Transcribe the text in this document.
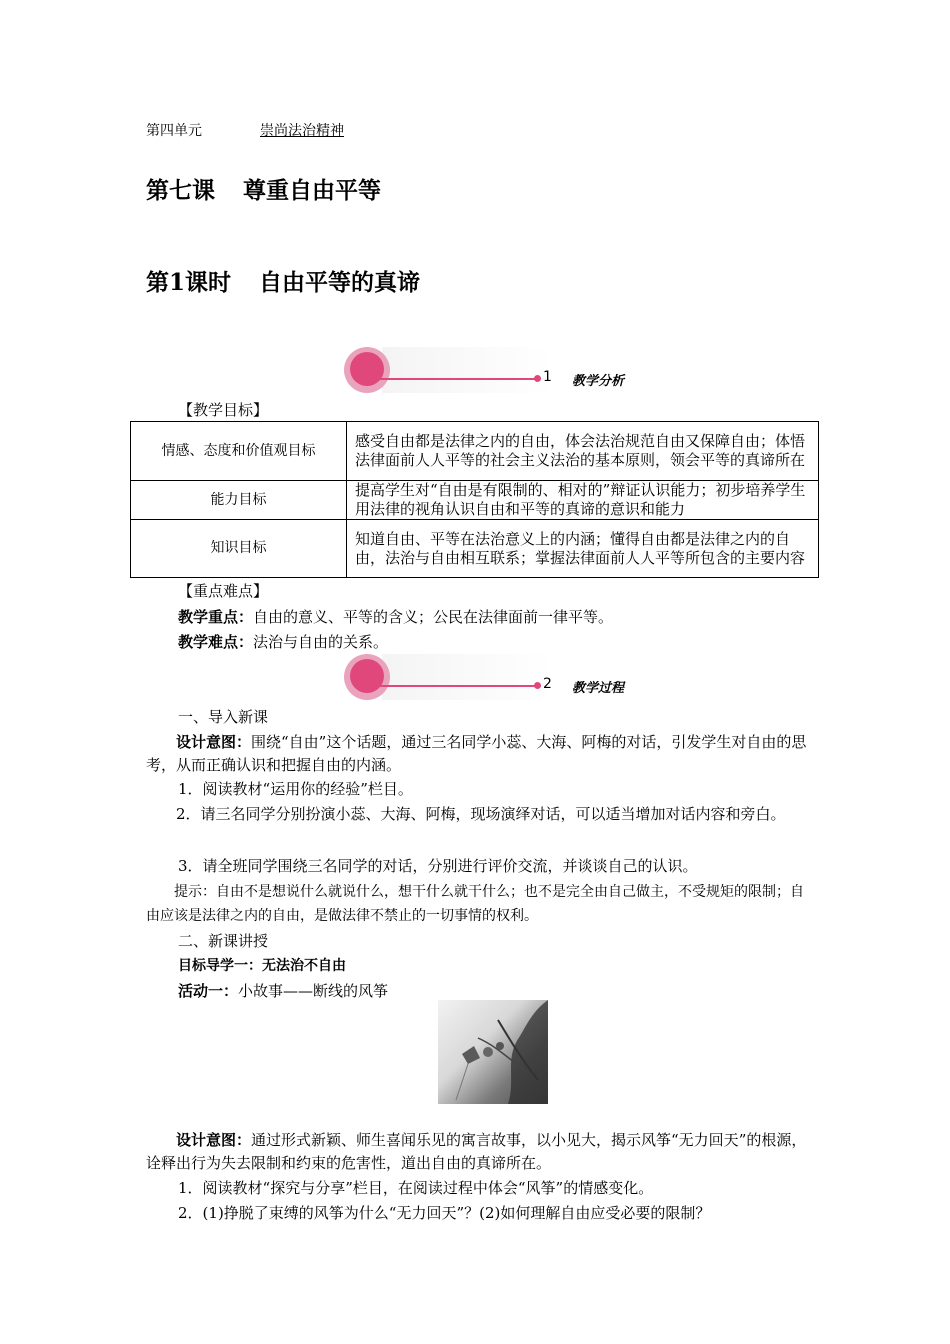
第四单元	崇尚法治精神
第七课 尊重自由平等
第1课时 自由平等的真谛
1 教学分析
【教学目标】
情感、态度和价值观目标	感受自由都是法律之内的自由，体会法治规范自由又保障自由；体悟法律面前人人平等的社会主义法治的基本原则，领会平等的真谛所在
能力目标	提高学生对“自由是有限制的、相对的”辩证认识能力；初步培养学生用法律的视角认识自由和平等的真谛的意识和能力
知识目标	知道自由、平等在法治意义上的内涵；懂得自由都是法律之内的自由，法治与自由相互联系；掌握法律面前人人平等所包含的主要内容
【重点难点】
教学重点：自由的意义、平等的含义；公民在法律面前一律平等。
教学难点：法治与自由的关系。
2 教学过程
一、导入新课
设计意图：围绕“自由”这个话题，通过三名同学小蕊、大海、阿梅的对话，引发学生对自由的思考，从而正确认识和把握自由的内涵。
1．阅读教材“运用你的经验”栏目。
2．请三名同学分别扮演小蕊、大海、阿梅，现场演绎对话，可以适当增加对话内容和旁白。
3．请全班同学围绕三名同学的对话，分别进行评价交流，并谈谈自己的认识。
提示：自由不是想说什么就说什么，想干什么就干什么；也不是完全由自己做主，不受规矩的限制；自由应该是法律之内的自由，是做法律不禁止的一切事情的权利。
二、新课讲授
目标导学一：无法治不自由
活动一：小故事——断线的风筝
设计意图：通过形式新颖、师生喜闻乐见的寓言故事，以小见大，揭示风筝“无力回天”的根源，诠释出行为失去限制和约束的危害性，道出自由的真谛所在。
1．阅读教材“探究与分享”栏目，在阅读过程中体会“风筝”的情感变化。
2．(1)挣脱了束缚的风筝为什么“无力回天”？(2)如何理解自由应受必要的限制？
